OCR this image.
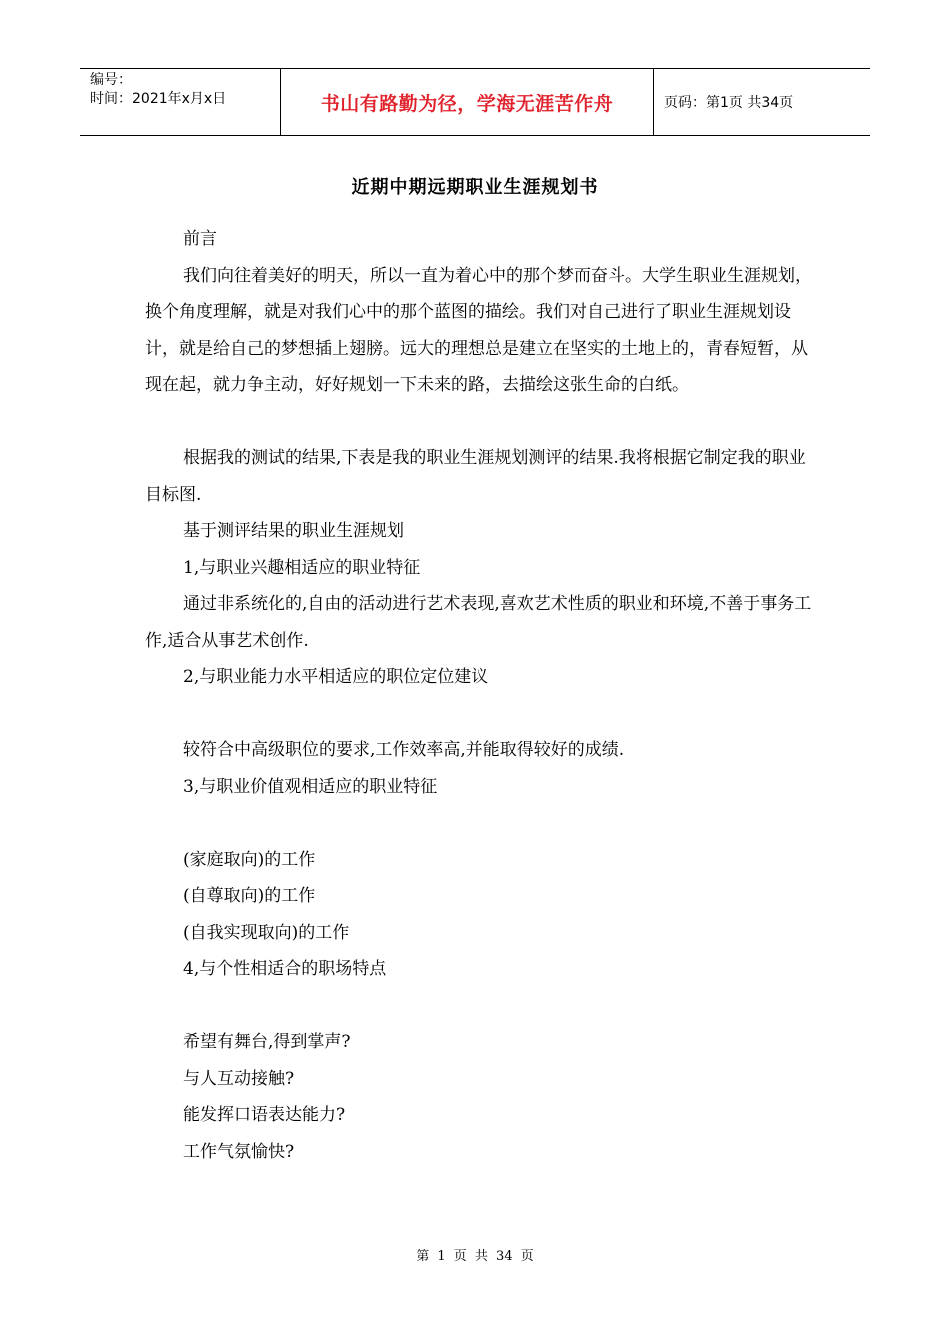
编号：
时间：2021年x月x日	书山有路勤为径，学海无涯苦作舟	页码：第1页 共34页
近期中期远期职业生涯规划书

前言

我们向往着美好的明天，所以一直为着心中的那个梦而奋斗。大学生职业生涯规划，换个角度理解，就是对我们心中的那个蓝图的描绘。我们对自己进行了职业生涯规划设计，就是给自己的梦想插上翅膀。远大的理想总是建立在坚实的土地上的，青春短暂，从现在起，就力争主动，好好规划一下未来的路，去描绘这张生命的白纸。

根据我的测试的结果,下表是我的职业生涯规划测评的结果.我将根据它制定我的职业目标图.

基于测评结果的职业生涯规划

1,与职业兴趣相适应的职业特征

通过非系统化的,自由的活动进行艺术表现,喜欢艺术性质的职业和环境,不善于事务工作,适合从事艺术创作.

2,与职业能力水平相适应的职位定位建议

较符合中高级职位的要求,工作效率高,并能取得较好的成绩.

3,与职业价值观相适应的职业特征

(家庭取向)的工作

(自尊取向)的工作

(自我实现取向)的工作

4,与个性相适合的职场特点

希望有舞台,得到掌声?

与人互动接触?

能发挥口语表达能力?

工作气氛愉快?

第 1 页 共 34 页
